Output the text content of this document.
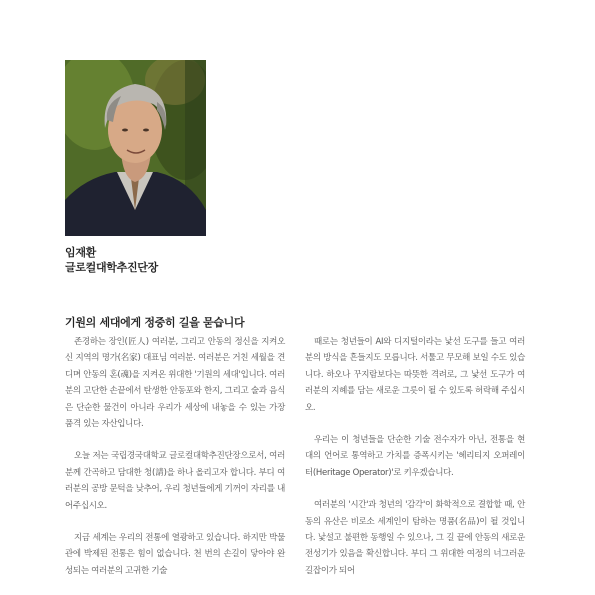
임재환
글로컬대학추진단장
기원의 세대에게 정중히 길을 묻습니다

존경하는 장인(匠人) 여러분, 그리고 안동의 정신을 지켜오신 지역의 명가(名家) 대표님 여러분. 여러분은 거친 세월을 견디며 안동의 혼(魂)을 지켜온 위대한 '기원의 세대'입니다. 여러분의 고단한 손끝에서 탄생한 안동포와 한지, 그리고 술과 음식은 단순한 물건이 아니라 우리가 세상에 내놓을 수 있는 가장 품격 있는 자산입니다.

오늘 저는 국립경국대학교 글로컬대학추진단장으로서, 여러분께 간곡하고 담대한 청(請)을 하나 올리고자 합니다. 부디 여러분의 공방 문턱을 낮추어, 우리 청년들에게 기꺼이 자리를 내어주십시오.

지금 세계는 우리의 전통에 열광하고 있습니다. 하지만 박물관에 박제된 전통은 힘이 없습니다. 천 번의 손길이 닿아야 완성되는 여러분의 고귀한 기술

때로는 청년들이 AI와 디지털이라는 낯선 도구를 들고 여러분의 방식을 흔들지도 모릅니다. 서툴고 무모해 보일 수도 있습니다. 하오나 꾸지람보다는 따뜻한 격려로, 그 낯선 도구가 여러분의 지혜를 담는 새로운 그릇이 될 수 있도록 허락해 주십시오.

우리는 이 청년들을 단순한 기술 전수자가 아닌, 전통을 현대의 언어로 통역하고 가치를 증폭시키는 '헤리티지 오퍼레이터(Heritage Operator)'로 키우겠습니다.

여러분의 '시간'과 청년의 '감각'이 화학적으로 결합할 때, 안동의 유산은 비로소 세계인이 탐하는 명품(名品)이 될 것입니다. 낯설고 불편한 동행일 수 있으나, 그 길 끝에 안동의 새로운 전성기가 있음을 확신합니다. 부디 그 위대한 여정의 너그러운 길잡이가 되어
